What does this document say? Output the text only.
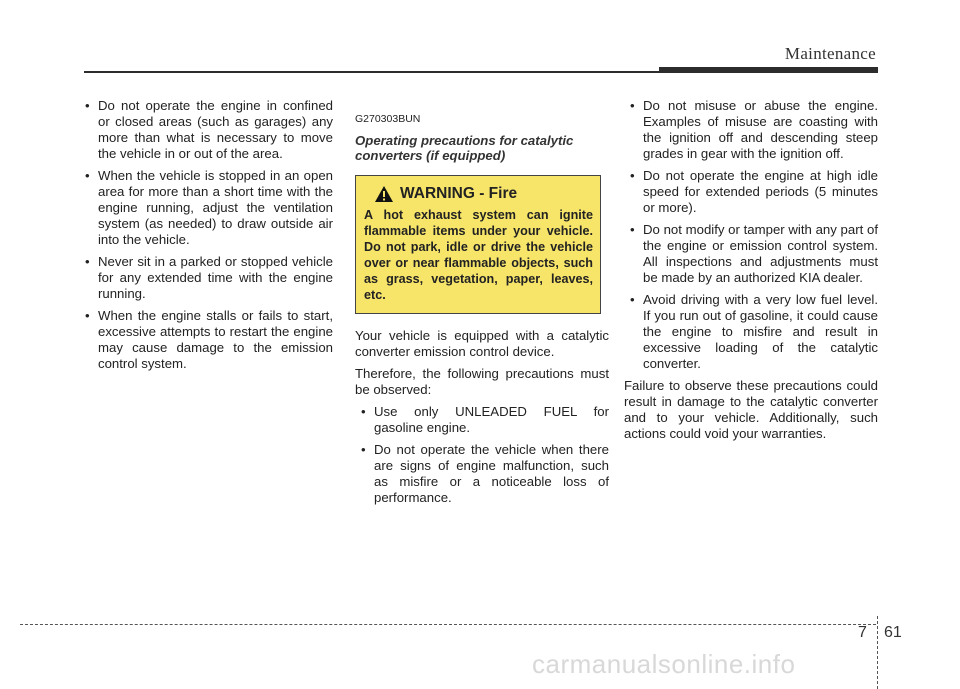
Maintenance
• Do not operate the engine in confined or closed areas (such as garages) any more than what is necessary to move the vehicle in or out of the area.
• When the vehicle is stopped in an open area for more than a short time with the engine running, adjust the ventilation system (as needed) to draw outside air into the vehicle.
• Never sit in a parked or stopped vehicle for any extended time with the engine running.
• When the engine stalls or fails to start, excessive attempts to restart the engine may cause damage to the emission control system.
G270303BUN
Operating precautions for catalytic converters (if equipped)
WARNING - Fire
A hot exhaust system can ignite flammable items under your vehicle. Do not park, idle or drive the vehicle over or near flammable objects, such as grass, vegetation, paper, leaves, etc.

Your vehicle is equipped with a catalytic converter emission control device.

Therefore, the following precautions must be observed:

• Use only UNLEADED FUEL for gasoline engine.
• Do not operate the vehicle when there are signs of engine malfunction, such as misfire or a noticeable loss of performance.
• Do not misuse or abuse the engine. Examples of misuse are coasting with the ignition off and descending steep grades in gear with the ignition off.
• Do not operate the engine at high idle speed for extended periods (5 minutes or more).
• Do not modify or tamper with any part of the engine or emission control system. All inspections and adjustments must be made by an authorized KIA dealer.
• Avoid driving with a very low fuel level. If you run out of gasoline, it could cause the engine to misfire and result in excessive loading of the catalytic converter.

Failure to observe these precautions could result in damage to the catalytic converter and to your vehicle. Additionally, such actions could void your warranties.

7 61
carmanualsonline.info
